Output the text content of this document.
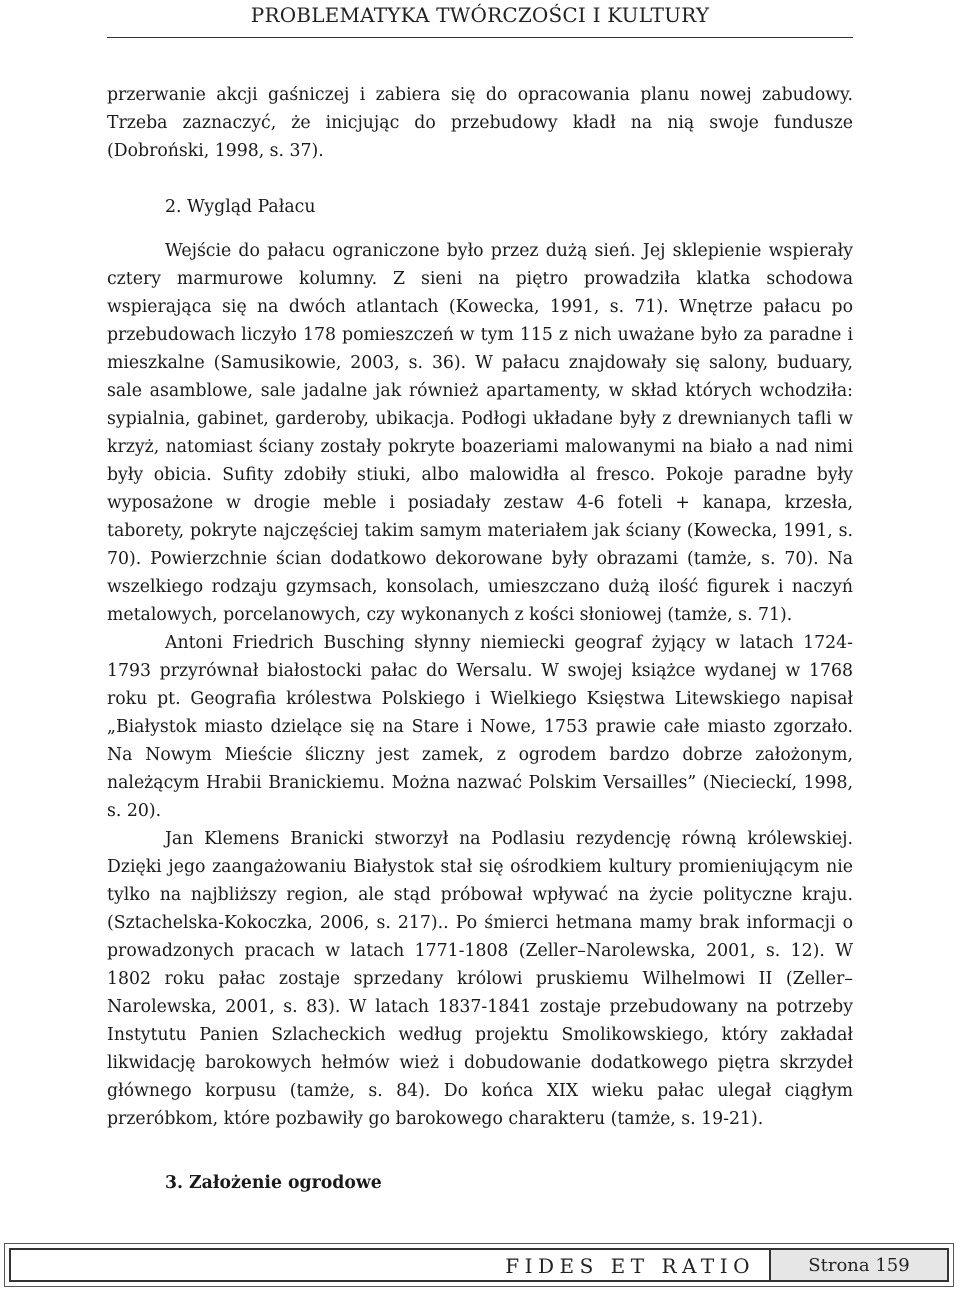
PROBLEMATYKA TWÓRCZOŚCI I KULTURY

przerwanie akcji gaśniczej i zabiera się do opracowania planu nowej zabudowy. Trzeba zaznaczyć, że inicjując do przebudowy kładł na nią swoje fundusze (Dobroński, 1998, s. 37).

2. Wygląd Pałacu

Wejście do pałacu ograniczone było przez dużą sień. Jej sklepienie wspierały cztery marmurowe kolumny. Z sieni na piętro prowadziła klatka schodowa wspierająca się na dwóch atlantach (Kowecka, 1991, s. 71). Wnętrze pałacu po przebudowach liczyło 178 pomieszczeń w tym 115 z nich uważane było za paradne i mieszkalne (Samusikowie, 2003, s. 36). W pałacu znajdowały się salony, buduary, sale asamblowe, sale jadalne jak również apartamenty, w skład których wchodziła: sypialnia, gabinet, garderoby, ubikacja. Podłogi układane były z drewnianych tafli w krzyż, natomiast ściany zostały pokryte boazeriami malowanymi na biało a nad nimi były obicia. Sufity zdobiły stiuki, albo malowidła al fresco. Pokoje paradne były wyposażone w drogie meble i posiadały zestaw 4-6 foteli + kanapa, krzesła, taborety, pokryte najczęściej takim samym materiałem jak ściany (Kowecka, 1991, s. 70). Powierzchnie ścian dodatkowo dekorowane były obrazami (tamże, s. 70). Na wszelkiego rodzaju gzymsach, konsolach, umieszczano dużą ilość figurek i naczyń metalowych, porcelanowych, czy wykonanych z kości słoniowej (tamże, s. 71).

Antoni Friedrich Busching słynny niemiecki geograf żyjący w latach 1724-1793 przyrównał białostocki pałac do Wersalu. W swojej książce wydanej w 1768 roku pt. Geografia królestwa Polskiego i Wielkiego Księstwa Litewskiego napisał „Białystok miasto dzielące się na Stare i Nowe, 1753 prawie całe miasto zgorzało. Na Nowym Mieście śliczny jest zamek, z ogrodem bardzo dobrze założonym, należącym Hrabii Branickiemu. Można nazwać Polskim Versailles” (Niecieckí, 1998, s. 20).

Jan Klemens Branicki stworzył na Podlasiu rezydencję równą królewskiej. Dzięki jego zaangażowaniu Białystok stał się ośrodkiem kultury promieniującym nie tylko na najbliższy region, ale stąd próbował wpływać na życie polityczne kraju. (Sztachelska-Kokoczka, 2006, s. 217).. Po śmierci hetmana mamy brak informacji o prowadzonych pracach w latach 1771-1808 (Zeller–Narolewska, 2001, s. 12). W 1802 roku pałac zostaje sprzedany królowi pruskiemu Wilhelmowi II (Zeller–Narolewska, 2001, s. 83). W latach 1837-1841 zostaje przebudowany na potrzeby Instytutu Panien Szlacheckich według projektu Smolikowskiego, który zakładał likwidację barokowych hełmów wież i dobudowanie dodatkowego piętra skrzydeł głównego korpusu (tamże, s. 84). Do końca XIX wieku pałac ulegał ciągłym przeróbkom, które pozbawiły go barokowego charakteru (tamże, s. 19-21).

3. Założenie ogrodowe
FIDES ET RATIO	Strona 159
